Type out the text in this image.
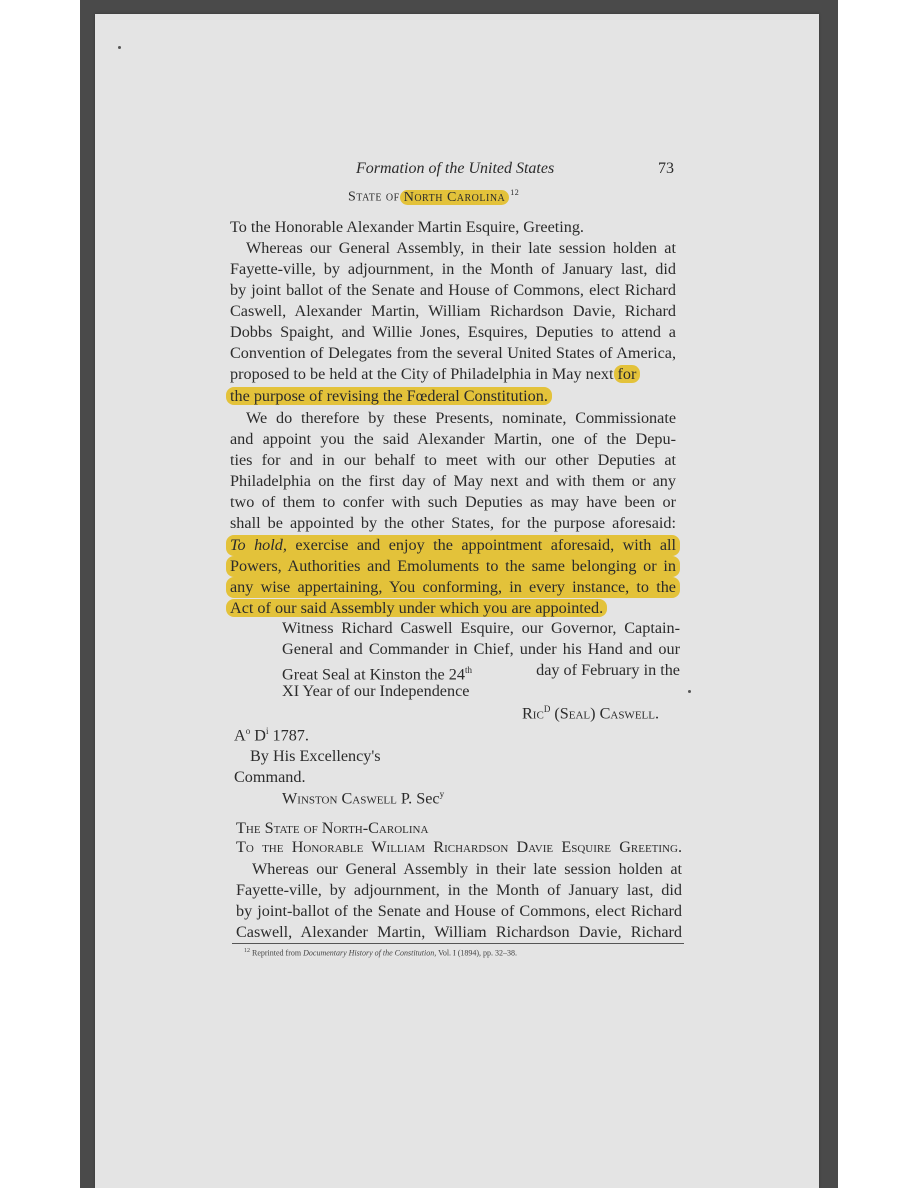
Formation of the United States	73
State of North Carolina $^{12}$
To the Honorable Alexander Martin Esquire, Greeting.
Whereas our General Assembly, in their late session holden at
Fayette-ville, by adjournment, in the Month of January last, did
by joint ballot of the Senate and House of Commons, elect Richard
Caswell, Alexander Martin, William Richardson Davie, Richard
Dobbs Spaight, and Willie Jones, Esquires, Deputies to attend a
Convention of Delegates from the several United States of America,
proposed to be held at the City of Philadelphia in May next for
the purpose of revising the Fœderal Constitution.
We do therefore by these Presents, nominate, Commissionate
and appoint you the said Alexander Martin, one of the Depu-
ties for and in our behalf to meet with our other Deputies at
Philadelphia on the first day of May next and with them or any
two of them to confer with such Deputies as may have been or
shall be appointed by the other States, for the purpose aforesaid:
To hold, exercise and enjoy the appointment aforesaid, with all
Powers, Authorities and Emoluments to the same belonging or in
any wise appertaining, You conforming, in every instance, to the
Act of our said Assembly under which you are appointed.
Witness Richard Caswell Esquire, our Governor, Captain-
General and Commander in Chief, under his Hand and our
Great Seal at Kinston the 24th	day of February in the
XI Year of our Independence
Ric$^D$ (Seal) Caswell.
$A^o$ $D^i$ 1787.
By His Excellency's
Command.
Winston Caswell P. Sec$^y$
The State of North-Carolina
To the Honorable William Richardson Davie Esquire Greeting.
Whereas our General Assembly in their late session holden at
Fayette-ville, by adjournment, in the Month of January last, did
by joint-ballot of the Senate and House of Commons, elect Richard
Caswell, Alexander Martin, William Richardson Davie, Richard
$^{12}$ Reprinted from Documentary History of the Constitution, Vol. I (1894), pp. 32–38.
